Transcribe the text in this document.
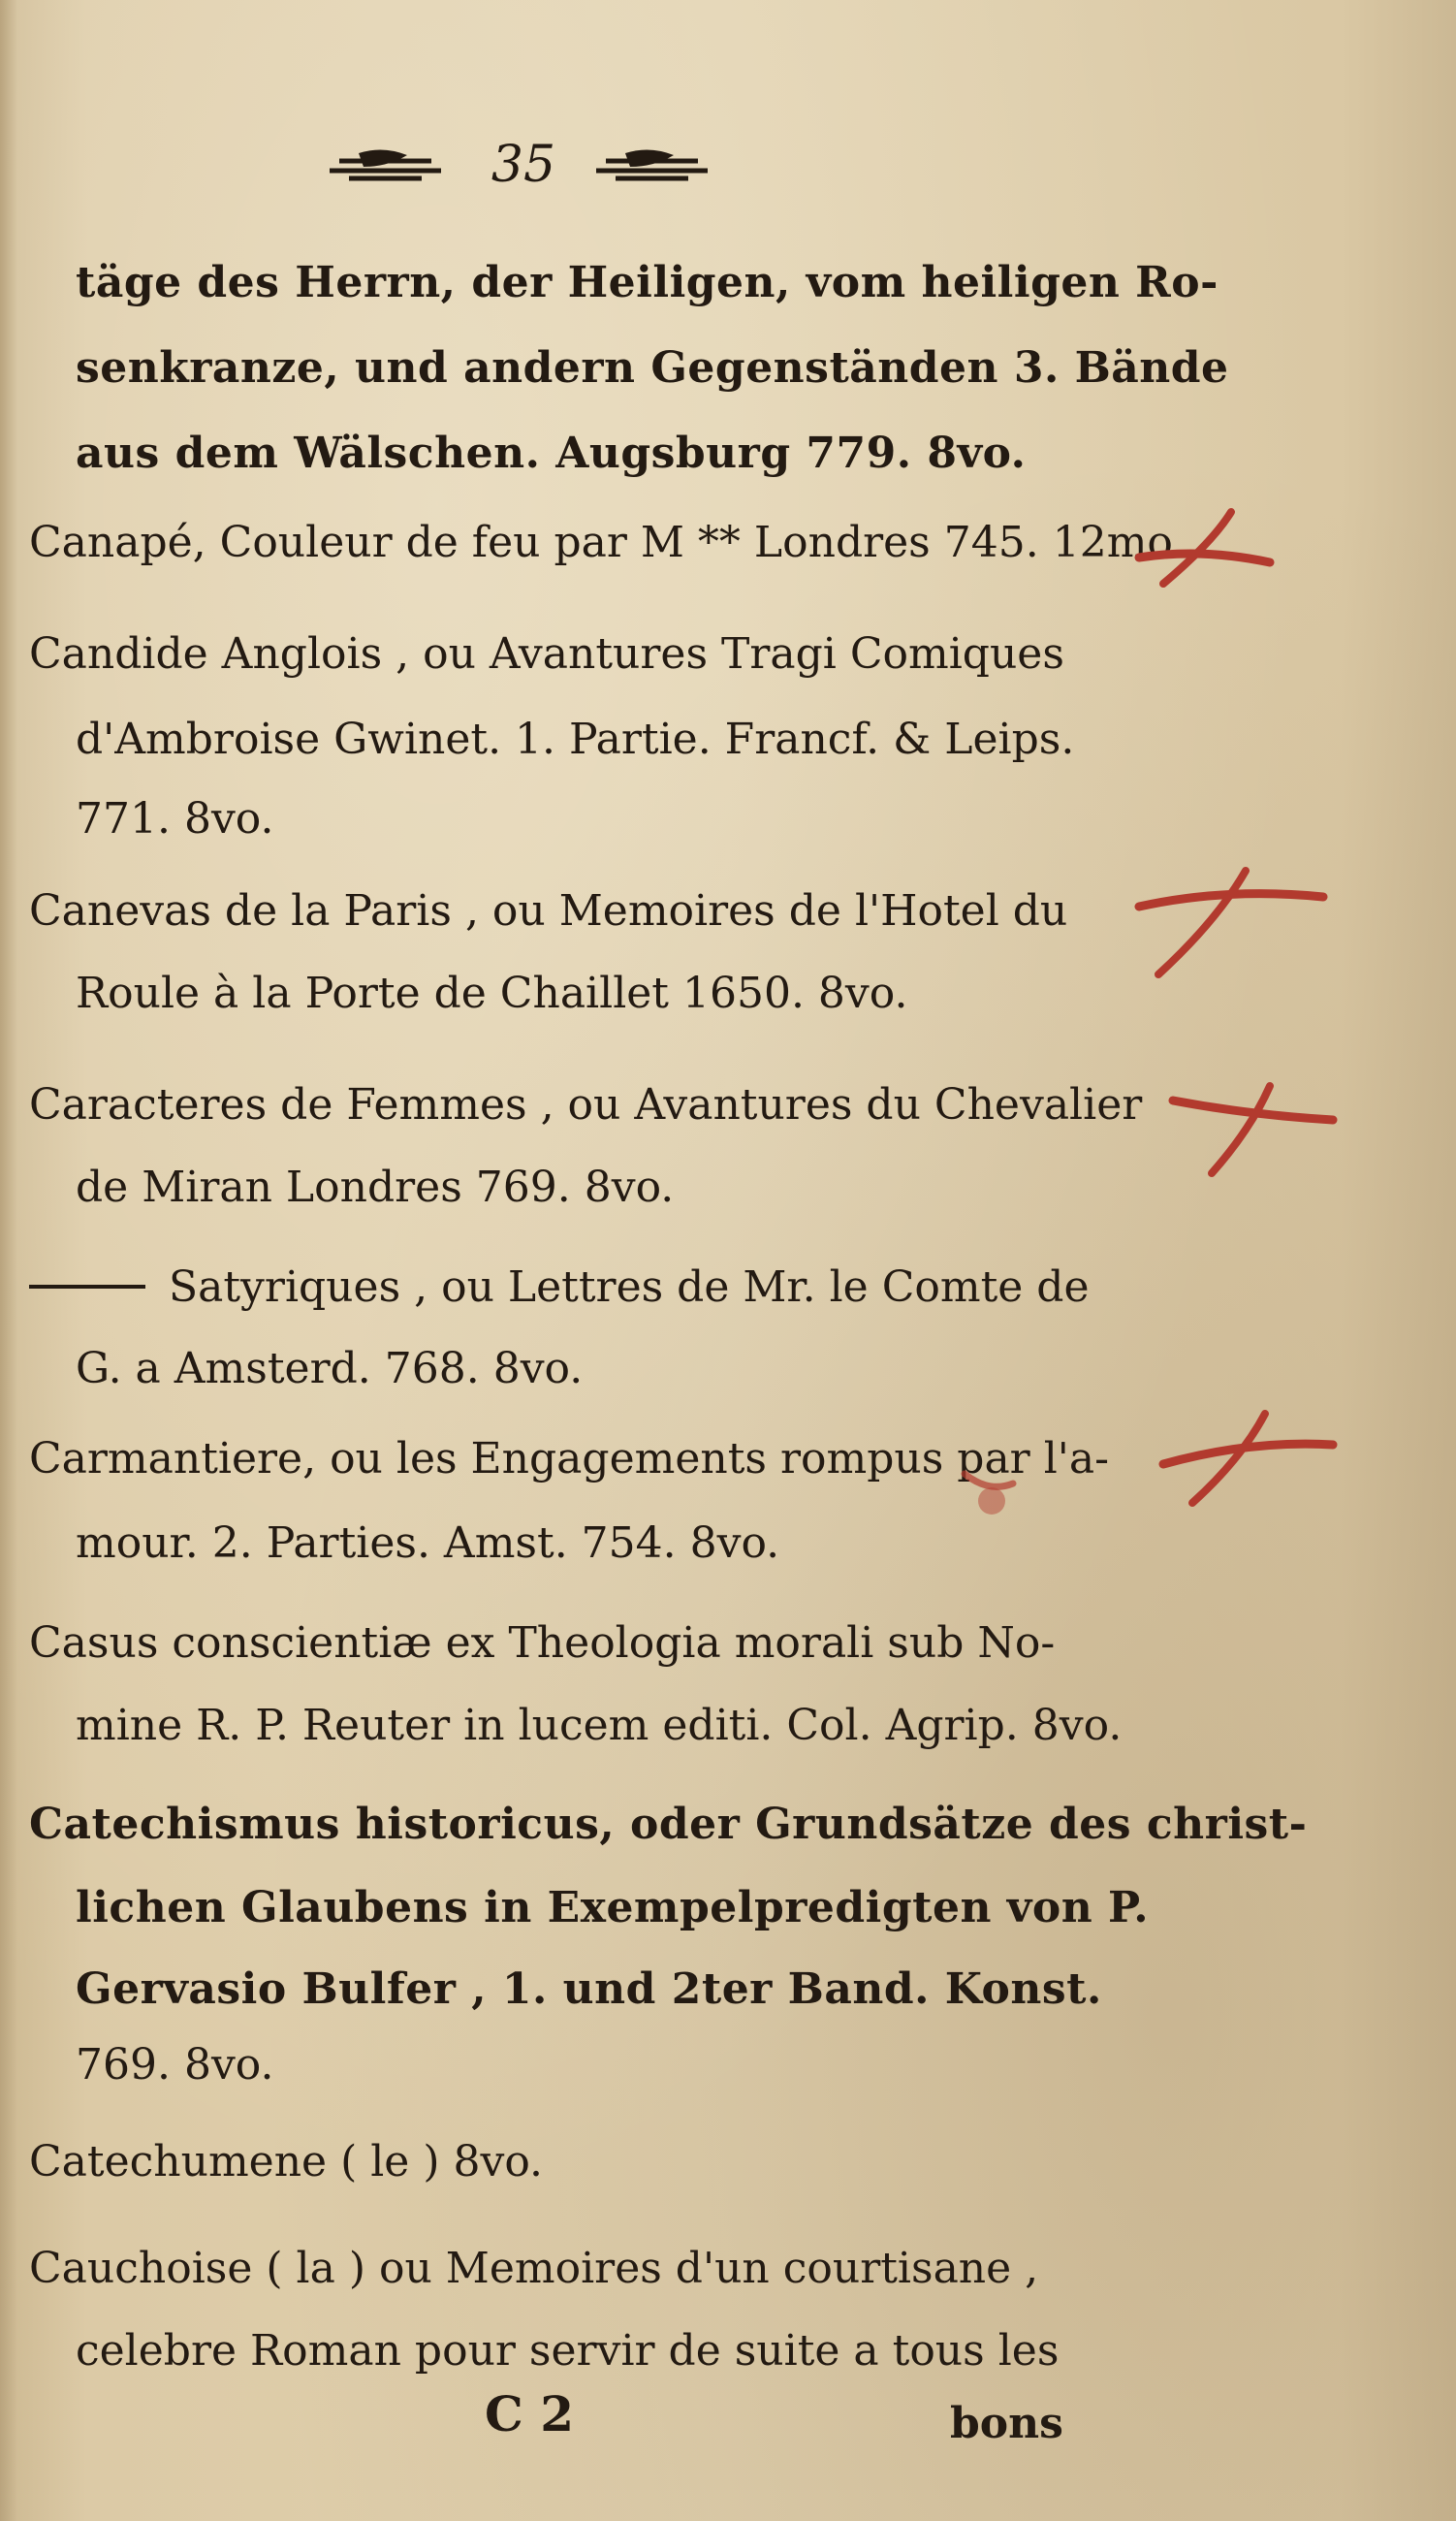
35
täge des Herrn, der Heiligen, vom heiligen Ro-
senkranze, und andern Gegenständen 3. Bände
aus dem Wälschen. Augsburg 779. 8vo.
Canapé, Couleur de feu par M ** Londres 745. 12mo.
Candide Anglois , ou Avantures Tragi Comiques
d'Ambroise Gwinet. 1. Partie. Francf. & Leips.
771. 8vo.
Canevas de la Paris , ou Memoires de l'Hotel du
Roule à la Porte de Chaillet 1650. 8vo.
Caracteres de Femmes , ou Avantures du Chevalier
de Miran Londres 769. 8vo.
Satyriques , ou Lettres de Mr. le Comte de
G. a Amsterd. 768. 8vo.
Carmantiere, ou les Engagements rompus par l'a-
mour. 2. Parties. Amst. 754. 8vo.
Casus conscientiæ ex Theologia morali sub No-
mine R. P. Reuter in lucem editi. Col. Agrip. 8vo.
Catechismus historicus, oder Grundsätze des christ-
lichen Glaubens in Exempelpredigten von P.
Gervasio Bulfer , 1. und 2ter Band. Konst.
769. 8vo.
Catechumene ( le ) 8vo.
Cauchoise ( la ) ou Memoires d'un courtisane ,
celebre Roman pour servir de suite a tous les
C 2	bons
